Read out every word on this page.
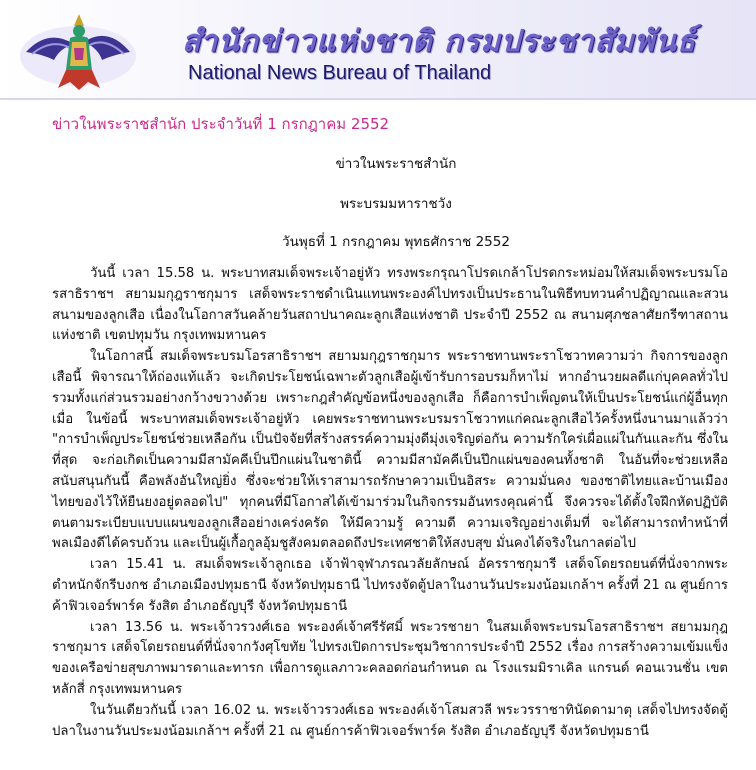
สำนักข่าวแห่งชาติ กรมประชาสัมพันธ์
National News Bureau of Thailand
ข่าวในพระราชสำนัก ประจำวันที่ 1 กรกฎาคม 2552
ข่าวในพระราชสำนัก
พระบรมมหาราชวัง
วันพุธที่ 1 กรกฎาคม พุทธศักราช 2552

วันนี้ เวลา 15.58 น. พระบาทสมเด็จพระเจ้าอยู่หัว ทรงพระกรุณาโปรดเกล้าโปรดกระหม่อมให้สมเด็จพระบรมโอรสาธิราชฯ สยามมกุฎราชกุมาร เสด็จพระราชดำเนินแทนพระองค์ไปทรงเป็นประธานในพิธีทบทวนคำปฏิญาณและสวนสนามของลูกเสือ เนื่องในโอกาสวันคล้ายวันสถาปนาคณะลูกเสือแห่งชาติ ประจำปี 2552 ณ สนามศุภชลาศัยกรีฑาสถานแห่งชาติ เขตปทุมวัน กรุงเทพมหานคร

ในโอกาสนี้ สมเด็จพระบรมโอรสาธิราชฯ สยามมกุฎราชกุมาร พระราชทานพระราโชวาทความว่า กิจการของลูกเสือนี้ พิจารณาให้ถ่องแท้แล้ว จะเกิดประโยชน์เฉพาะตัวลูกเสือผู้เข้ารับการอบรมก็หาไม่ หากอำนวยผลดีแก่บุคคลทั่วไปรวมทั้งแก่ส่วนรวมอย่างกว้างขวางด้วย เพราะกฎสำคัญข้อหนึ่งของลูกเสือ ก็คือการบำเพ็ญตนให้เป็นประโยชน์แก่ผู้อื่นทุกเมื่อ ในข้อนี้ พระบาทสมเด็จพระเจ้าอยู่หัว เคยพระราชทานพระบรมราโชวาทแก่คณะลูกเสือไว้ครั้งหนึ่งนานมาแล้วว่า "การบำเพ็ญประโยชน์ช่วยเหลือกัน เป็นปัจจัยที่สร้างสรรค์ความมุ่งดีมุ่งเจริญต่อกัน ความรักใคร่เผื่อแผ่ในกันและกัน ซึ่งในที่สุด จะก่อเกิดเป็นความมีสามัคคีเป็นปึกแผ่นในชาตินี้ ความมีสามัคคีเป็นปึกแผ่นของคนทั้งชาติ ในอันที่จะช่วยเหลือสนับสนุนกันนี้ คือพลังอันใหญ่ยิ่ง ซึ่งจะช่วยให้เราสามารถรักษาความเป็นอิสระ ความมั่นคง ของชาติไทยและบ้านเมืองไทยของไว้ให้ยืนยงอยู่ตลอดไป" ทุกคนที่มีโอกาสได้เข้ามาร่วมในกิจกรรมอันทรงคุณค่านี้ จึงควรจะได้ตั้งใจฝึกหัดปฏิบัติตนตามระเบียบแบบแผนของลูกเสืออย่างเคร่งครัด ให้มีความรู้ ความดี ความเจริญอย่างเต็มที่ จะได้สามารถทำหน้าที่พลเมืองดีได้ครบถ้วน และเป็นผู้เกื้อกูลอุ้มชูสังคมตลอดถึงประเทศชาติให้สงบสุข มั่นคงได้จริงในกาลต่อไป

เวลา 15.41 น. สมเด็จพระเจ้าลูกเธอ เจ้าฟ้าจุฬาภรณวลัยลักษณ์ อัครราชกุมารี เสด็จโดยรถยนต์ที่นั่งจากพระตำหนักจักรีบงกช อำเภอเมืองปทุมธานี จังหวัดปทุมธานี ไปทรงจัดตู้ปลาในงานวันประมงน้อมเกล้าฯ ครั้งที่ 21 ณ ศูนย์การค้าฟิวเจอร์พาร์ค รังสิต อำเภอธัญบุรี จังหวัดปทุมธานี

เวลา 13.56 น. พระเจ้าวรวงศ์เธอ พระองค์เจ้าศรีรัศมิ์ พระวรชายา ในสมเด็จพระบรมโอรสาธิราชฯ สยามมกุฎราชกุมาร เสด็จโดยรถยนต์ที่นั่งจากวังศุโขทัย ไปทรงเปิดการประชุมวิชาการประจำปี 2552 เรื่อง การสร้างความเข้มแข็งของเครือข่ายสุขภาพมารดาและทารก เพื่อการดูแลภาวะคลอดก่อนกำหนด ณ โรงแรมมิราเคิล แกรนด์ คอนเวนชั่น เขตหลักสี่ กรุงเทพมหานคร

ในวันเดียวกันนี้ เวลา 16.02 น. พระเจ้าวรวงศ์เธอ พระองค์เจ้าโสมสวลี พระวรราชาทินัดดามาตุ เสด็จไปทรงจัดตู้ปลาในงานวันประมงน้อมเกล้าฯ ครั้งที่ 21 ณ ศูนย์การค้าฟิวเจอร์พาร์ค รังสิต อำเภอธัญบุรี จังหวัดปทุมธานี
